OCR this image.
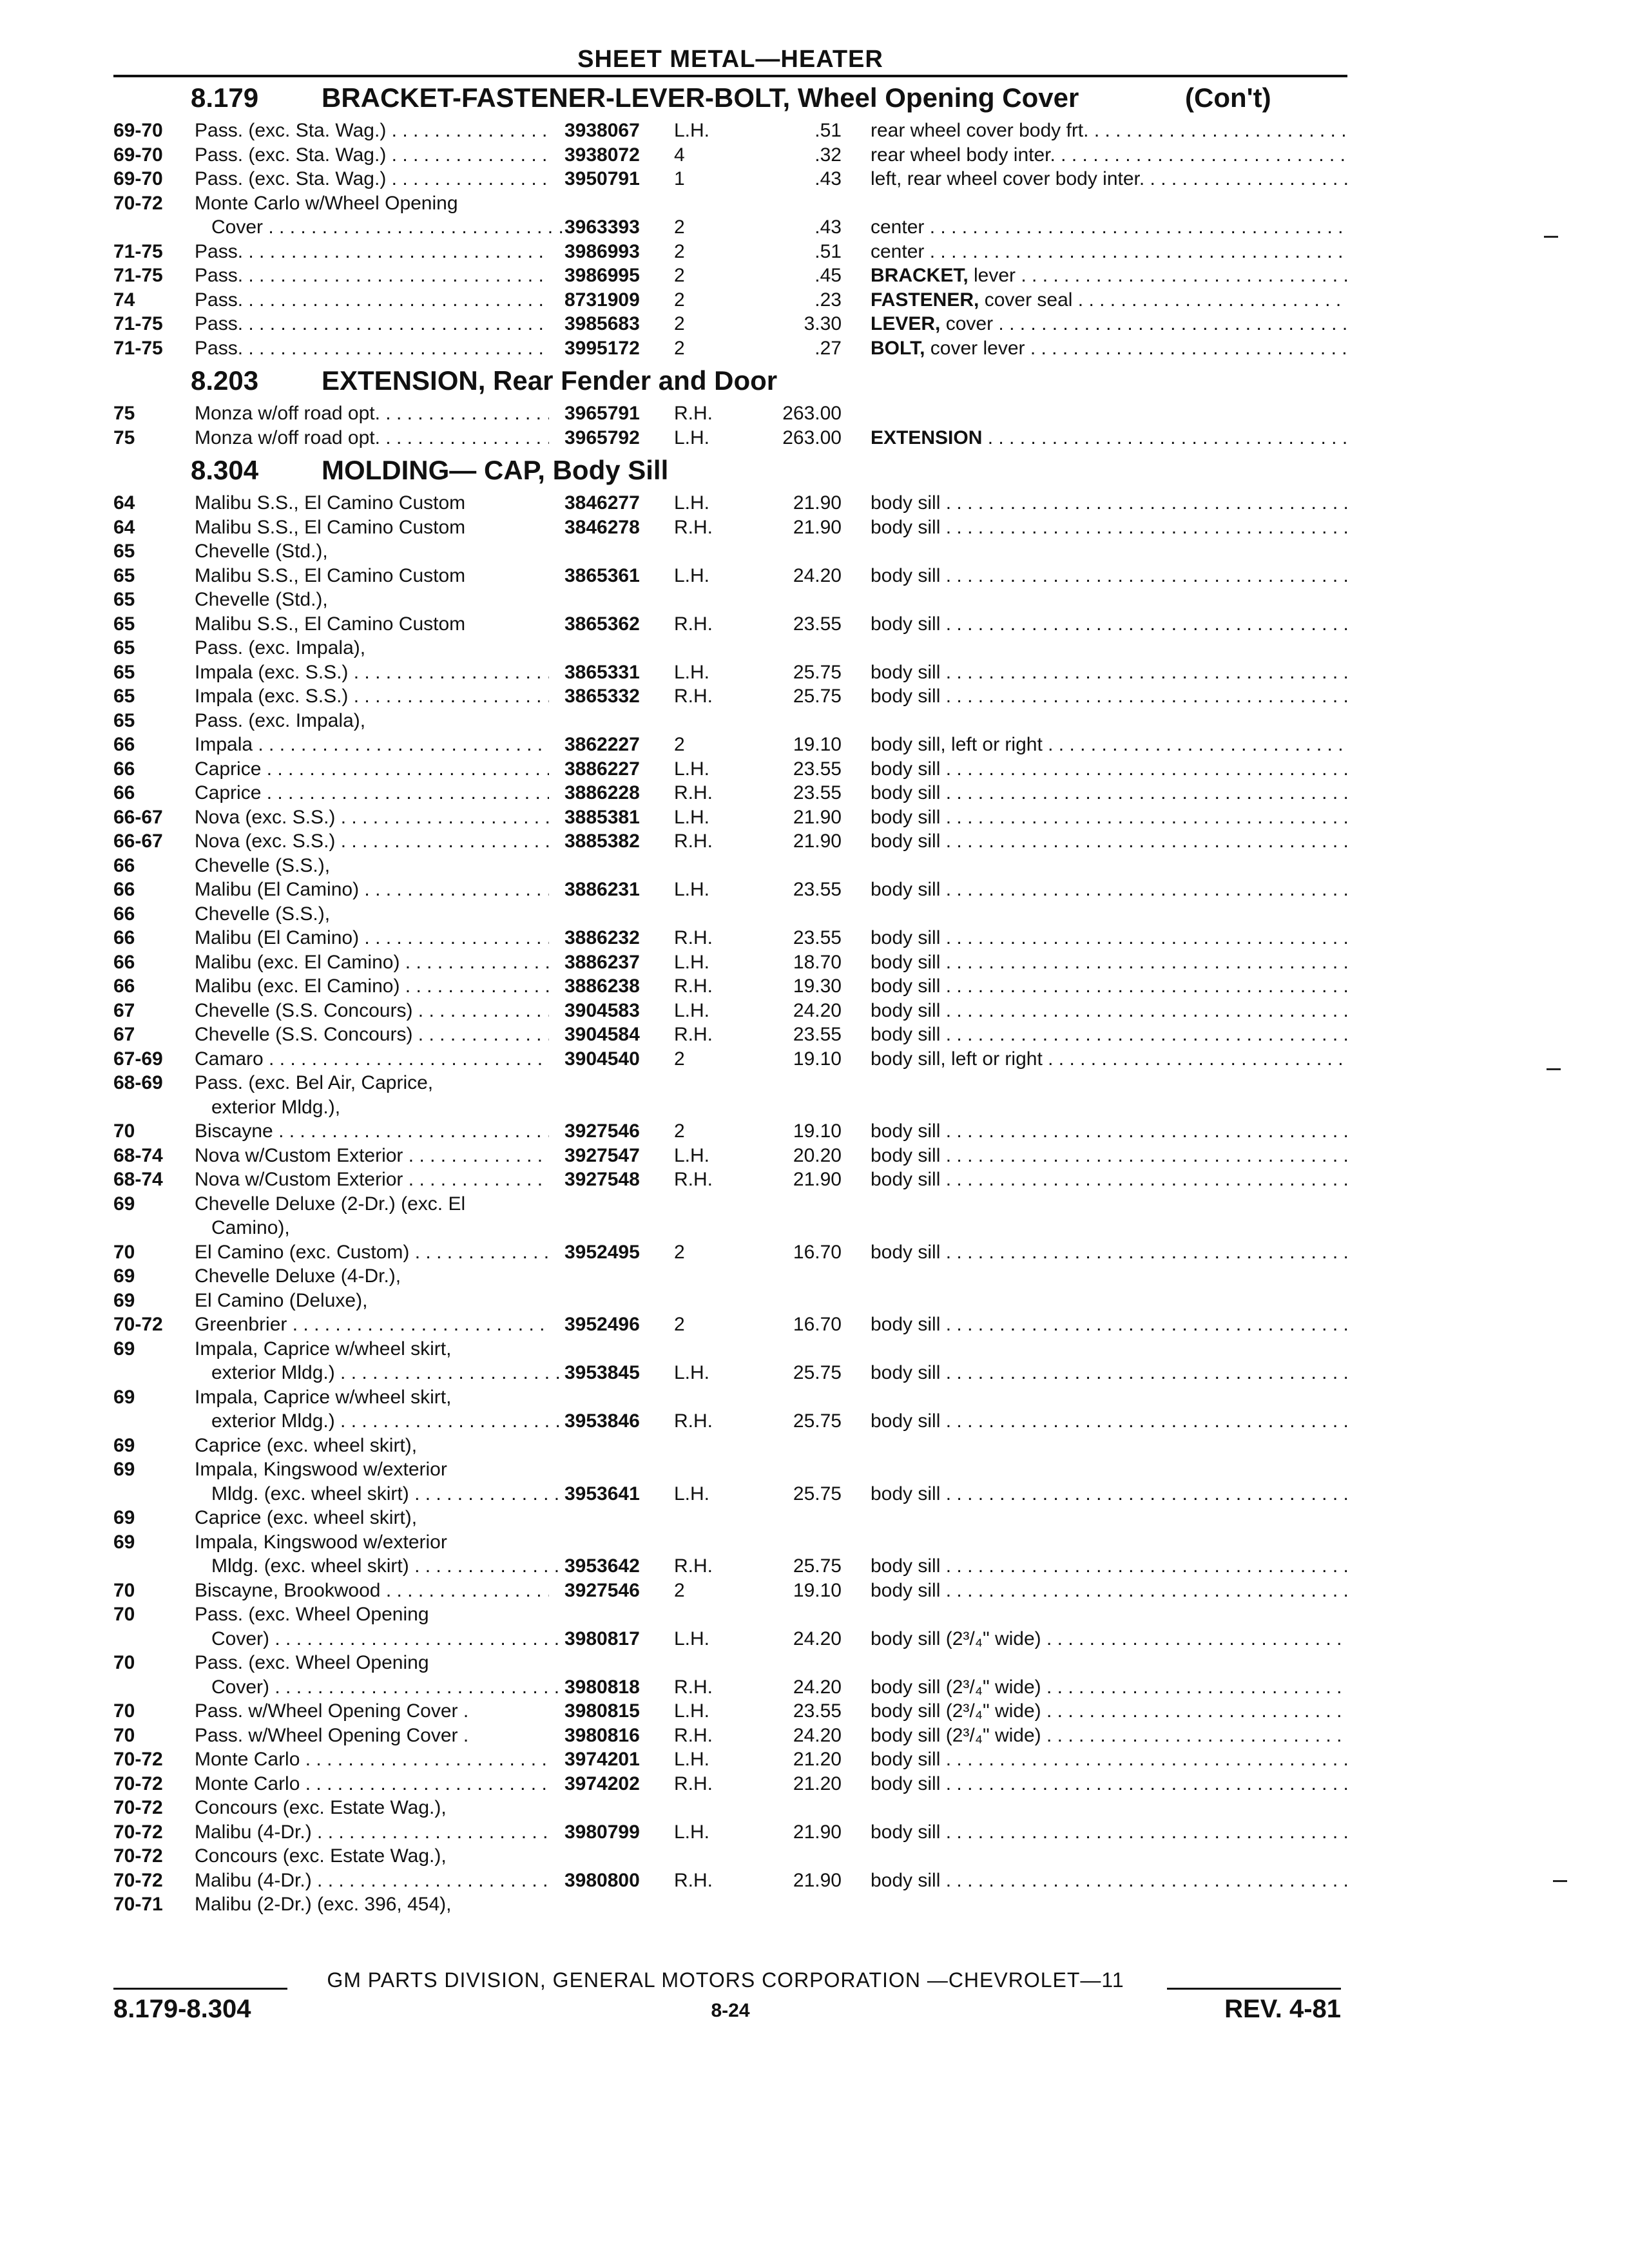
SHEET METAL—HEATER
8.179 BRACKET-FASTENER-LEVER-BOLT, Wheel Opening Cover	(Con't)
69-70 Pass. (exc. Sta. Wag.) . . .	3938067 L.H.	.51 rear wheel cover body frt. . . .
69-70 Pass. (exc. Sta. Wag.) . . .	3938072 4	.32 rear wheel body inter. . . .
69-70 Pass. (exc. Sta. Wag.) . . .	3950791 1	.43 left, rear wheel cover body inter. . . .
70-72 Monte Carlo w/Wheel Opening
Cover . . .	3963393 2	.43 center . . .
71-75 Pass. . . .	3986993 2	.51 center . . .
71-75 Pass. . . .	3986995 2	.45 BRACKET, lever . . .
74	Pass. . . .	8731909 2	.23 FASTENER, cover seal . . .
71-75 Pass. . . .	3985683 2	3.30 LEVER, cover . . .
71-75 Pass. . . .	3995172 2	.27 BOLT, cover lever . . .
8.203 EXTENSION, Rear Fender and Door
75	Monza w/off road opt. . . .	3965791 R.H.	263.00
75	Monza w/off road opt. . . .	3965792 L.H.	263.00 EXTENSION . . .
8.304 MOLDING— CAP, Body Sill
64	Malibu S.S., El Camino Custom	3846277 L.H.	21.90 body sill . . .
64	Malibu S.S., El Camino Custom	3846278 R.H.	21.90 body sill . . .
65	Chevelle (Std.),
65	Malibu S.S., El Camino Custom	3865361 L.H.	24.20 body sill . . .
65	Chevelle (Std.),
65	Malibu S.S., El Camino Custom	3865362 R.H.	23.55 body sill . . .
65	Pass. (exc. Impala),
65	Impala (exc. S.S.) . . .	3865331 L.H.	25.75 body sill . . .
65	Impala (exc. S.S.) . . .	3865332 R.H.	25.75 body sill . . .
65	Pass. (exc. Impala),
66	Impala . . .	3862227 2	19.10 body sill, left or right . . .
66	Caprice . . .	3886227 L.H.	23.55 body sill . . .
66	Caprice . . .	3886228 R.H.	23.55 body sill . . .
66-67 Nova (exc. S.S.) . . .	3885381 L.H.	21.90 body sill . . .
66-67 Nova (exc. S.S.) . . .	3885382 R.H.	21.90 body sill . . .
66	Chevelle (S.S.),
66	Malibu (El Camino) . . .	3886231 L.H.	23.55 body sill . . .
66	Chevelle (S.S.),
66	Malibu (El Camino) . . .	3886232 R.H.	23.55 body sill . . .
66	Malibu (exc. El Camino) . . .	3886237 L.H.	18.70 body sill . . .
66	Malibu (exc. El Camino) . . .	3886238 R.H.	19.30 body sill . . .
67	Chevelle (S.S. Concours) . . .	3904583 L.H.	24.20 body sill . . .
67	Chevelle (S.S. Concours) . . .	3904584 R.H.	23.55 body sill . . .
67-69 Camaro . . .	3904540 2	19.10 body sill, left or right . . .
68-69 Pass. (exc. Bel Air, Caprice,
exterior Mldg.),
70	Biscayne . . .	3927546 2	19.10 body sill . . .
68-74 Nova w/Custom Exterior . . .	3927547 L.H.	20.20 body sill . . .
68-74 Nova w/Custom Exterior . . .	3927548 R.H.	21.90 body sill . . .
69	Chevelle Deluxe (2-Dr.) (exc. El
Camino),
70	El Camino (exc. Custom) . . .	3952495 2	16.70 body sill . . .
69	Chevelle Deluxe (4-Dr.),
69	El Camino (Deluxe),
70-72 Greenbrier . . .	3952496 2	16.70 body sill . . .
69	Impala, Caprice w/wheel skirt,
exterior Mldg.) . . .	3953845 L.H.	25.75 body sill . . .
69	Impala, Caprice w/wheel skirt,
exterior Mldg.) . . .	3953846 R.H.	25.75 body sill . . .
69	Caprice (exc. wheel skirt),
69	Impala, Kingswood w/exterior
Mldg. (exc. wheel skirt) . . .	3953641 L.H.	25.75 body sill . . .
69	Caprice (exc. wheel skirt),
69	Impala, Kingswood w/exterior
Mldg. (exc. wheel skirt) . . .	3953642 R.H.	25.75 body sill . . .
70	Biscayne, Brookwood . . .	3927546 2	19.10 body sill . . .
70	Pass. (exc. Wheel Opening
Cover) . . .	3980817 L.H.	24.20 body sill (2³/₄" wide) . . .
70	Pass. (exc. Wheel Opening
Cover) . . .	3980818 R.H.	24.20 body sill (2³/₄" wide) . . .
70	Pass. w/Wheel Opening Cover .	3980815 L.H.	23.55 body sill (2³/₄" wide) . . .
70	Pass. w/Wheel Opening Cover .	3980816 R.H.	24.20 body sill (2³/₄" wide) . . .
70-72 Monte Carlo . . .	3974201 L.H.	21.20 body sill . . .
70-72 Monte Carlo . . .	3974202 R.H.	21.20 body sill . . .
70-72 Concours (exc. Estate Wag.),
70-72 Malibu (4-Dr.) . . .	3980799 L.H.	21.90 body sill . . .
70-72 Concours (exc. Estate Wag.),
70-72 Malibu (4-Dr.) . . .	3980800 R.H.	21.90 body sill . . .
70-71 Malibu (2-Dr.) (exc. 396, 454),
GM PARTS DIVISION, GENERAL MOTORS CORPORATION —CHEVROLET—11
8.179-8.304	8-24	REV. 4-81
